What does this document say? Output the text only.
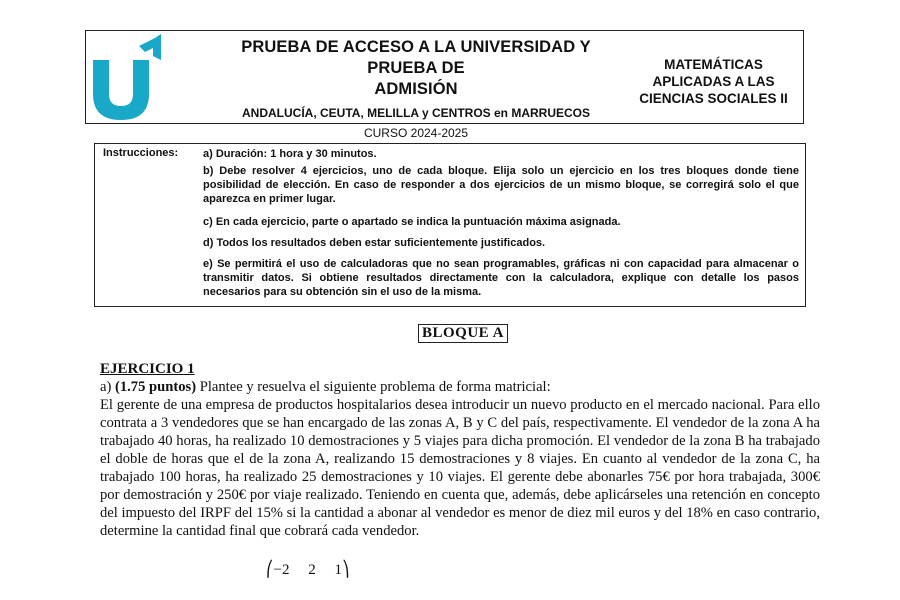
PRUEBA DE ACCESO A LA UNIVERSIDAD Y PRUEBA DE
ADMISIÓN
ANDALUCÍA, CEUTA, MELILLA y CENTROS en MARRUECOS
CURSO 2024-2025
MATEMÁTICAS
APLICADAS A LAS
CIENCIAS SOCIALES II
Instrucciones: a) Duración: 1 hora y 30 minutos.
b) Debe resolver 4 ejercicios, uno de cada bloque. Elija solo un ejercicio en los tres bloques donde tiene posibilidad de elección. En caso de responder a dos ejercicios de un mismo bloque, se corregirá solo el que aparezca en primer lugar.
c) En cada ejercicio, parte o apartado se indica la puntuación máxima asignada.
d) Todos los resultados deben estar suficientemente justificados.
e) Se permitirá el uso de calculadoras que no sean programables, gráficas ni con capacidad para almacenar o transmitir datos. Si obtiene resultados directamente con la calculadora, explique con detalle los pasos necesarios para su obtención sin el uso de la misma.
BLOQUE A
EJERCICIO 1

a) (1.75 puntos) Plantee y resuelva el siguiente problema de forma matricial:

El gerente de una empresa de productos hospitalarios desea introducir un nuevo producto en el mercado nacional. Para ello contrata a 3 vendedores que se han encargado de las zonas A, B y C del país, respectivamente. El vendedor de la zona A ha trabajado 40 horas, ha realizado 10 demostraciones y 5 viajes para dicha promoción. El vendedor de la zona B ha trabajado el doble de horas que el de la zona A, realizando 15 demostraciones y 8 viajes. En cuanto al vendedor de la zona C, ha trabajado 100 horas, ha realizado 25 demostraciones y 10 viajes. El gerente debe abonarles 75€ por hora trabajada, 300€ por demostración y 250€ por viaje realizado. Teniendo en cuenta que, además, debe aplicárseles una retención en concepto del impuesto del IRPF del 15% si la cantidad a abonar al vendedor es menor de diez mil euros y del 18% en caso contrario, determine la cantidad final que cobrará cada vendedor.

⎛−2     2     1⎞
